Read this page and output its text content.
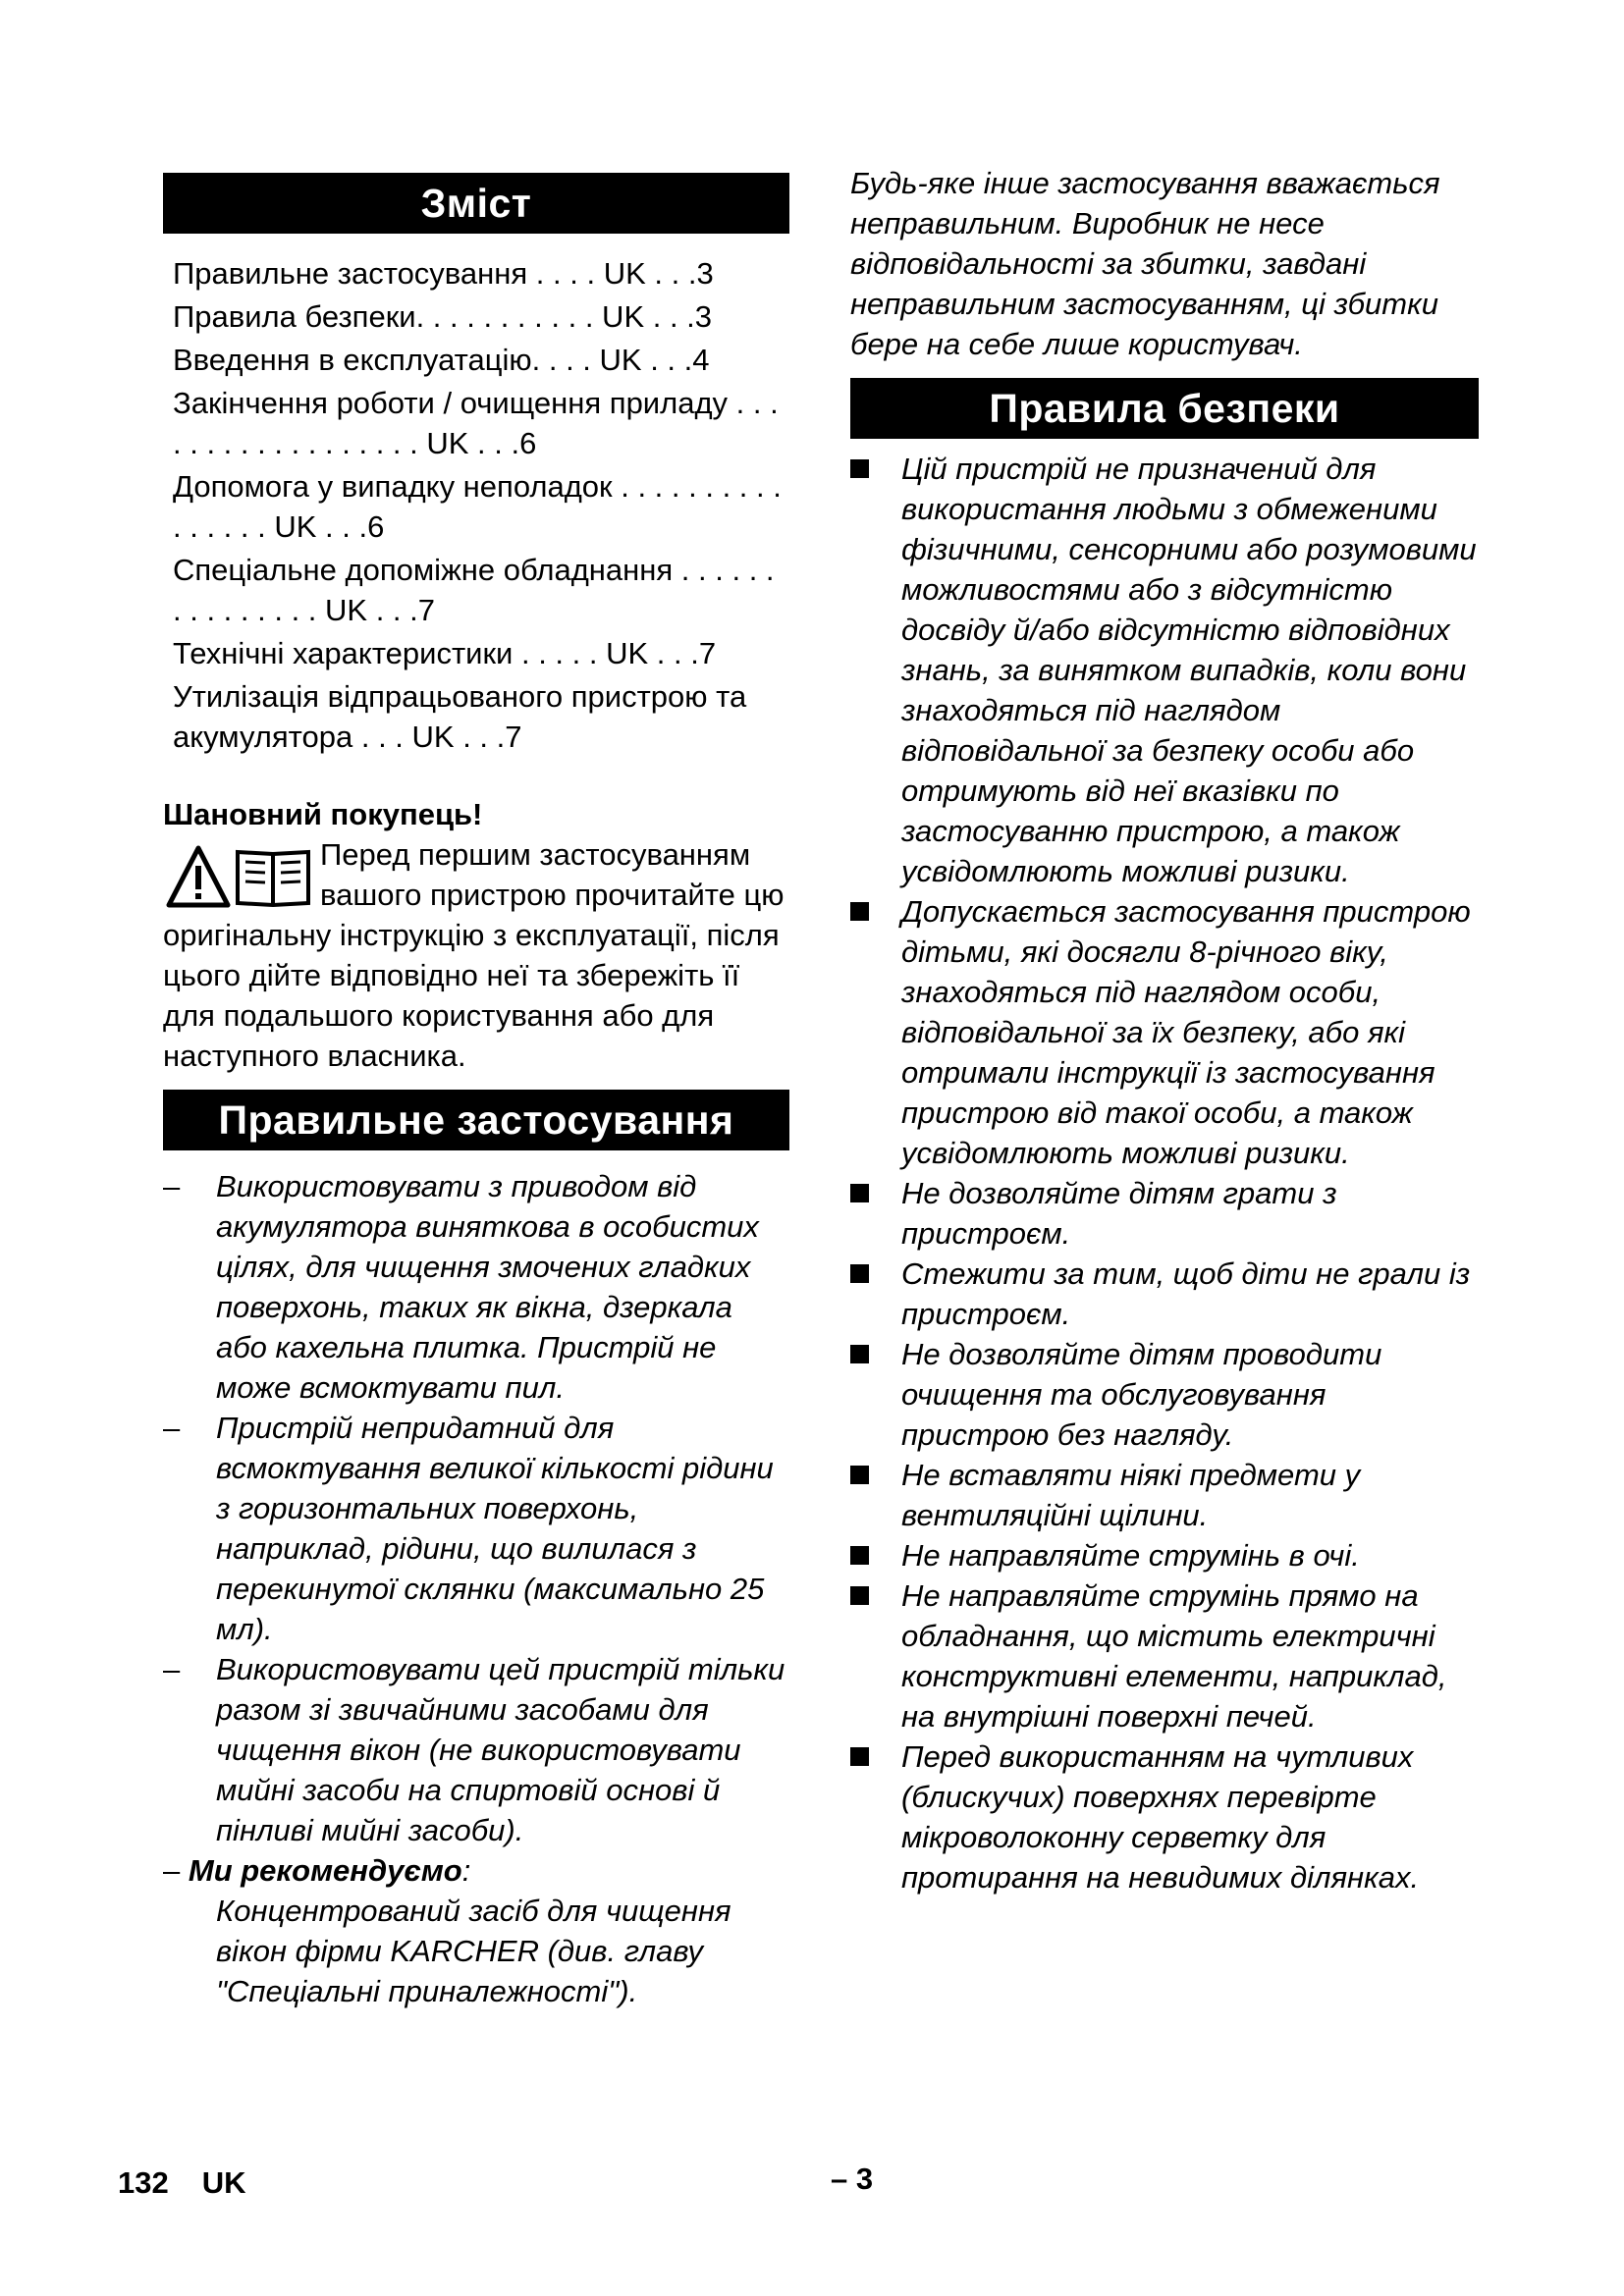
Зміст
Правильне застосування . . . . UK . . .3
Правила безпеки. . . . . . . . . . . UK . . .3
Введення в експлуатацію. . . . UK . . .4
Закінчення роботи / очищення приладу . . . . . . . . . . . . . . . . . . UK . . .6
Допомога у випадку неполадок . . . . . . . . . . . . . . . . UK . . .6
Спеціальне допоміжне обладнання . . . . . . . . . . . . . . . UK . . .7
Технічні характеристики . . . . . UK . . .7
Утилізація відпрацьованого пристрою та акумулятора . . . UK . . .7
Шановний покупець!
Перед першим застосуванням вашого пристрою прочитайте цю оригінальну інструкцію з експлуатації, після цього дійте відповідно неї та збережіть її для подальшого користування або для наступного власника.
Правильне застосування
– Використовувати з приводом від акумулятора виняткова в особистих цілях, для чищення змочених гладких поверхонь, таких як вікна, дзеркала або кахельна плитка. Пристрій не може всмоктувати пил.
– Пристрій непридатний для всмоктування великої кількості рідини з горизонтальних поверхонь, наприклад, рідини, що вилилася з перекинутої склянки (максимально 25 мл).
– Використовувати цей пристрій тільки разом зі звичайними засобами для чищення вікон (не використовувати мийні засоби на спиртовій основі й пінливі мийні засоби).
– Ми рекомендуємо:
Концентрований засіб для чищення вікон фірми KARCHER (див. главу "Спеціальні приналежності").
Будь-яке інше застосування вважається неправильним. Виробник не несе відповідальності за збитки, завдані неправильним застосуванням, ці збитки бере на себе лише користувач.
Правила безпеки
Цій пристрій не призначений для використання людьми з обмеженими фізичними, сенсорними або розумовими можливостями або з відсутністю досвіду й/або відсутністю відповідних знань, за винятком випадків, коли вони знаходяться під наглядом відповідальної за безпеку особи або отримують від неї вказівки по застосуванню пристрою, а також усвідомлюють можливі ризики.
Допускається застосування пристрою дітьми, які досягли 8-річного віку, знаходяться під наглядом особи, відповідальної за їх безпеку, або які отримали інструкції із застосування пристрою від такої особи, а також усвідомлюють можливі ризики.
Не дозволяйте дітям грати з пристроєм.
Стежити за тим, щоб діти не грали із пристроєм.
Не дозволяйте дітям проводити очищення та обслуговування пристрою без нагляду.
Не вставляти ніякі предмети у вентиляційні щілини.
Не направляйте струмінь в очі.
Не направляйте струмінь прямо на обладнання, що містить електричні конструктивні елементи, наприклад, на внутрішні поверхні печей.
Перед використанням на чутливих (блискучих) поверхнях перевірте мікроволоконну серветку для протирання на невидимих ділянках.
132 UK	– 3
